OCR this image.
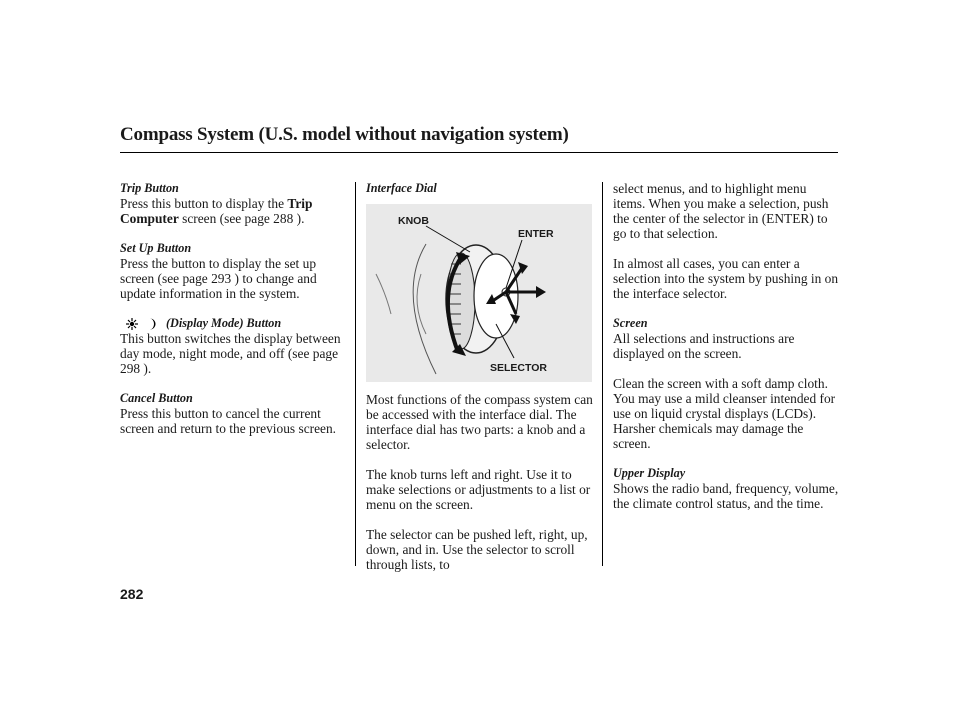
Compass System (U.S. model without navigation system)
Trip Button

Press this button to display the Trip Computer screen (see page 288 ).

Set Up Button

Press the button to display the set up screen (see page 293 ) to change and update information in the system.

(Display Mode) Button

This button switches the display between day mode, night mode, and off (see page 298 ).

Cancel Button

Press this button to cancel the current screen and return to the previous screen.

Interface Dial
KNOB
ENTER
SELECTOR

Most functions of the compass system can be accessed with the interface dial. The interface dial has two parts: a knob and a selector.

The knob turns left and right. Use it to make selections or adjustments to a list or menu on the screen.

The selector can be pushed left, right, up, down, and in. Use the selector to scroll through lists, to

select menus, and to highlight menu items. When you make a selection, push the center of the selector in (ENTER) to go to that selection.

In almost all cases, you can enter a selection into the system by pushing in on the interface selector.

Screen

All selections and instructions are displayed on the screen.

Clean the screen with a soft damp cloth. You may use a mild cleanser intended for use on liquid crystal displays (LCDs). Harsher chemicals may damage the screen.

Upper Display

Shows the radio band, frequency, volume, the climate control status, and the time.

282
